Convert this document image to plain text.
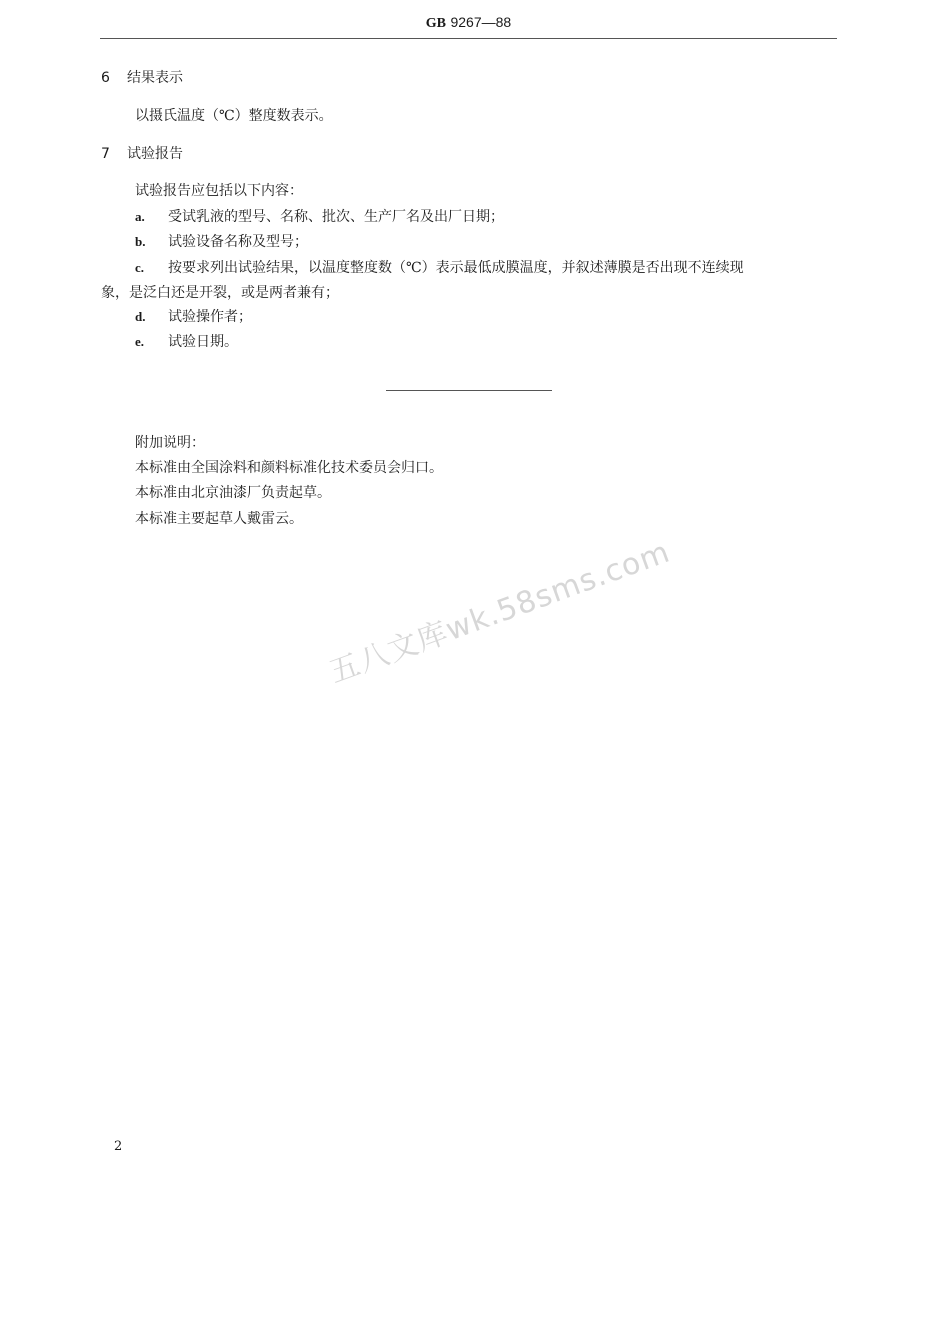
GB 9267—88
6 结果表示
以摄氏温度（℃）整度数表示。
7 试验报告
试验报告应包括以下内容：
a. 受试乳液的型号、名称、批次、生产厂名及出厂日期；
b. 试验设备名称及型号；
c. 按要求列出试验结果，以温度整度数（℃）表示最低成膜温度，并叙述薄膜是否出现不连续现
象，是泛白还是开裂，或是两者兼有；
d. 试验操作者；
e. 试验日期。
附加说明：
本标准由全国涂料和颜料标准化技术委员会归口。
本标准由北京油漆厂负责起草。
本标准主要起草人戴雷云。
五八文库wk.58sms.com
2
